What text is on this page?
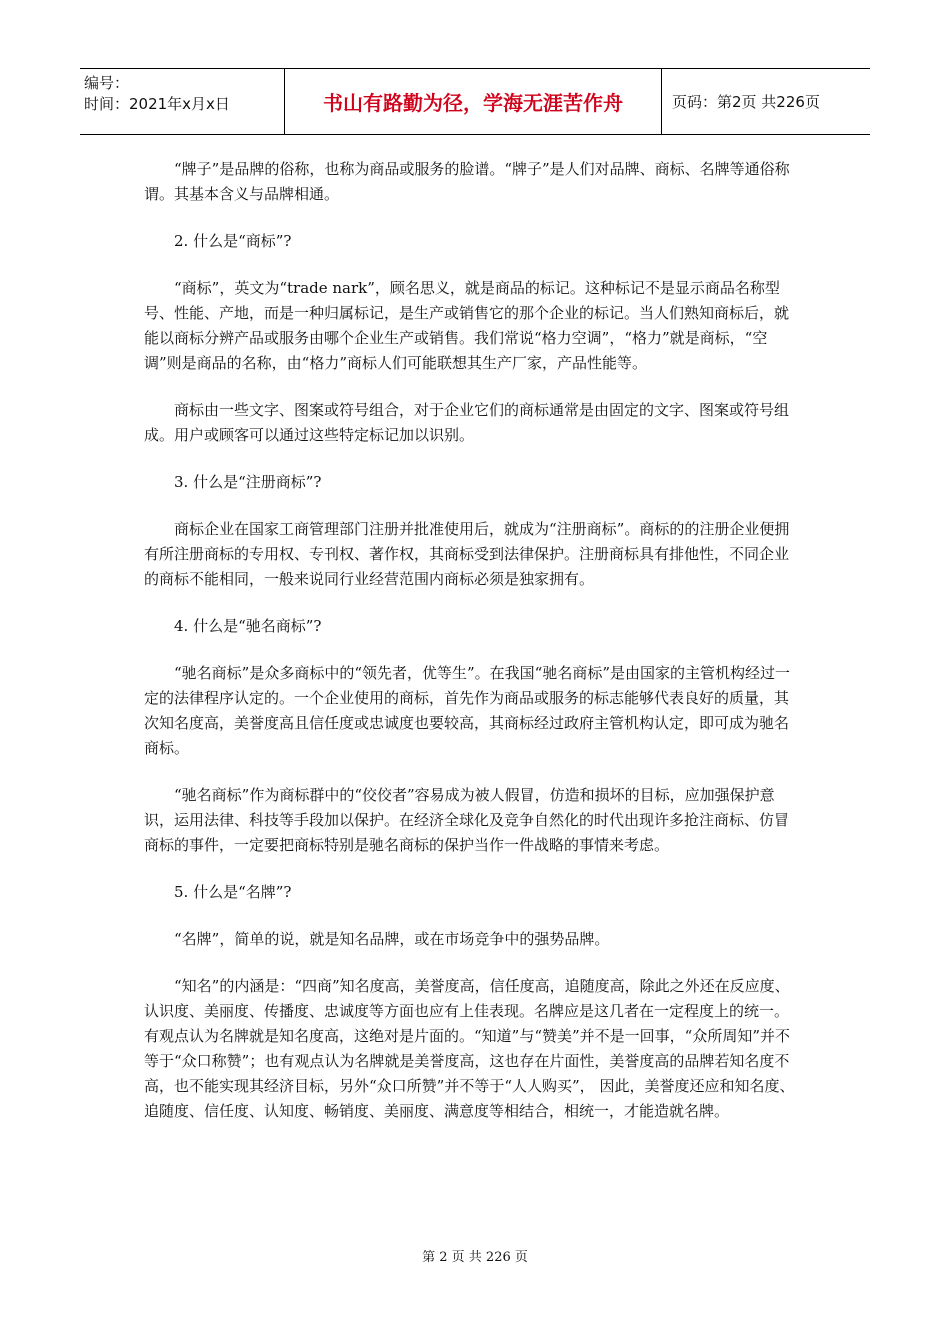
编号：
时间：2021年x月x日	书山有路勤为径，学海无涯苦作舟	页码：第2页 共226页

“牌子”是品牌的俗称，也称为商品或服务的脸谱。“牌子”是人们对品牌、商标、名牌等通俗称谓。其基本含义与品牌相通。

2. 什么是“商标”?

“商标”，英文为“trade nark”，顾名思义，就是商品的标记。这种标记不是显示商品名称型号、性能、产地，而是一种归属标记，是生产或销售它的那个企业的标记。当人们熟知商标后，就能以商标分辨产品或服务由哪个企业生产或销售。我们常说“格力空调”，“格力”就是商标，“空调”则是商品的名称，由“格力”商标人们可能联想其生产厂家，产品性能等。

商标由一些文字、图案或符号组合，对于企业它们的商标通常是由固定的文字、图案或符号组成。用户或顾客可以通过这些特定标记加以识别。

3. 什么是“注册商标”?

商标企业在国家工商管理部门注册并批准使用后，就成为“注册商标”。商标的的注册企业便拥有所注册商标的专用权、专刊权、著作权，其商标受到法律保护。注册商标具有排他性，不同企业的商标不能相同，一般来说同行业经营范围内商标必须是独家拥有。

4. 什么是“驰名商标”?

“驰名商标”是众多商标中的“领先者，优等生”。在我国“驰名商标”是由国家的主管机构经过一定的法律程序认定的。一个企业使用的商标，首先作为商品或服务的标志能够代表良好的质量，其次知名度高，美誉度高且信任度或忠诚度也要较高，其商标经过政府主管机构认定，即可成为驰名商标。

“驰名商标”作为商标群中的“佼佼者”容易成为被人假冒，仿造和损坏的目标，应加强保护意识，运用法律、科技等手段加以保护。在经济全球化及竞争自然化的时代出现许多抢注商标、仿冒商标的事件，一定要把商标特别是驰名商标的保护当作一件战略的事情来考虑。

5. 什么是“名牌”?

“名牌”，简单的说，就是知名品牌，或在市场竞争中的强势品牌。

“知名”的内涵是：“四商”知名度高，美誉度高，信任度高，追随度高，除此之外还在反应度、认识度、美丽度、传播度、忠诚度等方面也应有上佳表现。名牌应是这几者在一定程度上的统一。有观点认为名牌就是知名度高，这绝对是片面的。“知道”与“赞美”并不是一回事，“众所周知”并不等于“众口称赞”；也有观点认为名牌就是美誉度高，这也存在片面性，美誉度高的品牌若知名度不高，也不能实现其经济目标，另外“众口所赞”并不等于“人人购买”， 因此，美誉度还应和知名度、追随度、信任度、认知度、畅销度、美丽度、满意度等相结合，相统一，才能造就名牌。

第 2 页 共 226 页
